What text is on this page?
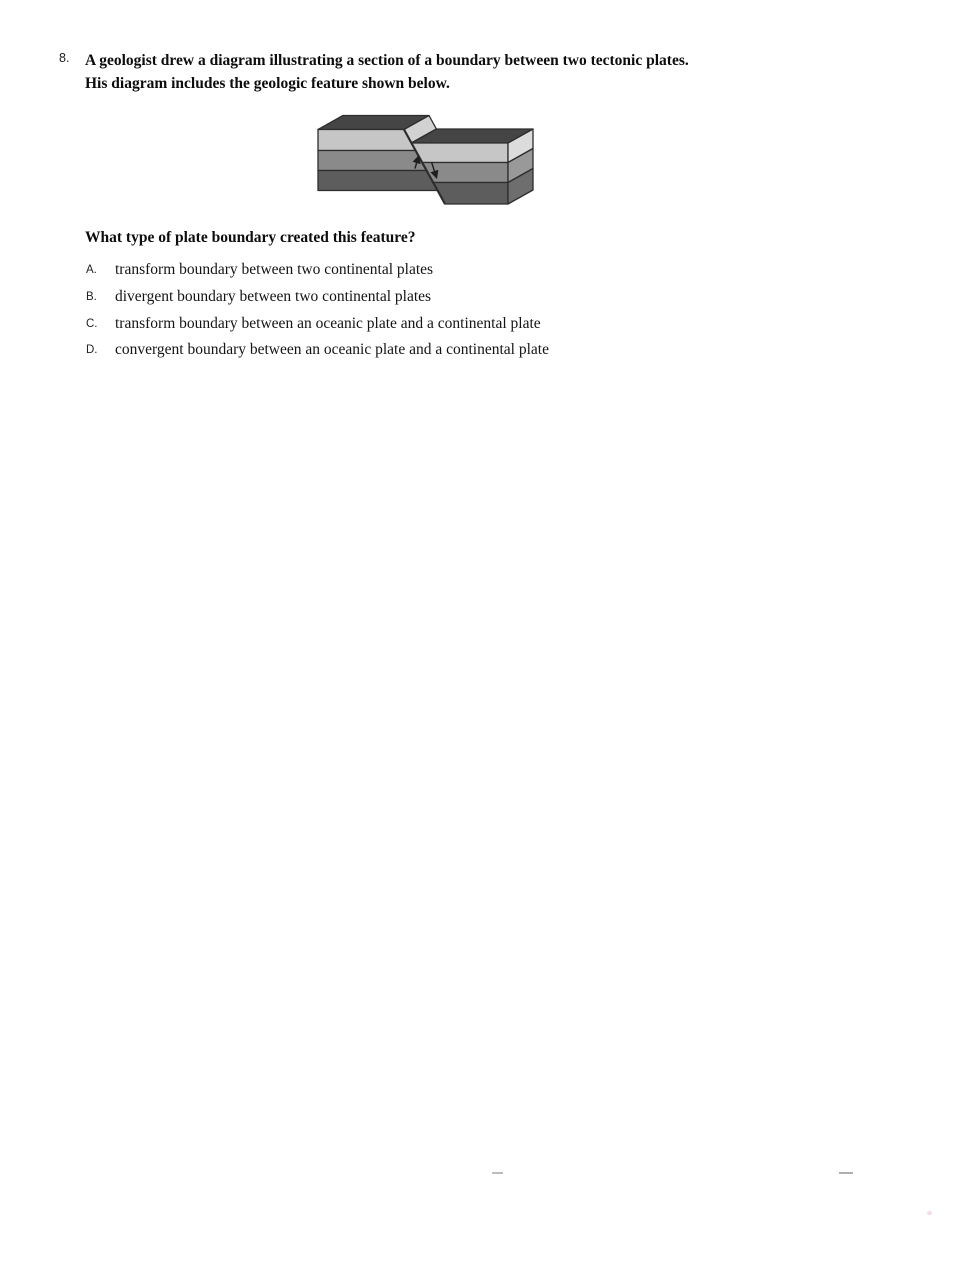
8. A geologist drew a diagram illustrating a section of a boundary between two tectonic plates.
His diagram includes the geologic feature shown below.
What type of plate boundary created this feature?
A. transform boundary between two continental plates
B. divergent boundary between two continental plates
C. transform boundary between an oceanic plate and a continental plate
D. convergent boundary between an oceanic plate and a continental plate
